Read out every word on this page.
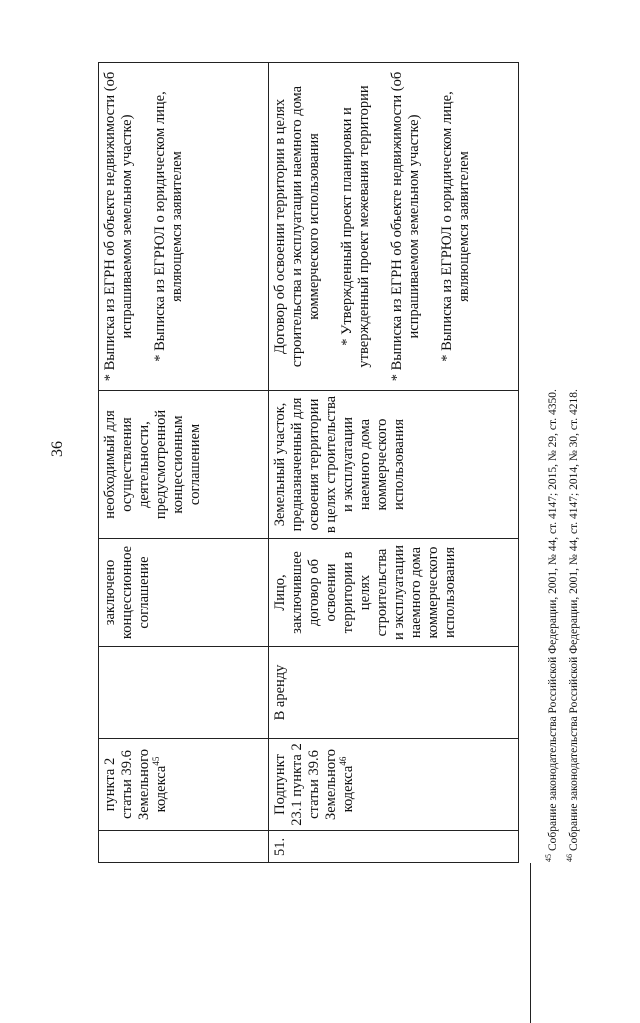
36
	пункта 2 статьи 39.6 Земельного кодекса$^{45}$		заключено концессионное соглашение	необходимый для осуществления деятельности, предусмотренной концессионным соглашением	* Выписка из ЕГРН об объекте недвижимости (об испрашиваемом земельном участке) * Выписка из ЕГРЮЛ о юридическом лице, являющемся заявителем

51.	Подпункт 23.1 пункта 2 статьи 39.6 Земельного кодекса$^{46}$	В аренду	Лицо, заключившее договор об освоении территории в целях строительства и эксплуатации наемного дома коммерческого использования	Земельный участок, предназначенный для освоения территории в целях строительства и эксплуатации наемного дома коммерческого использования	Договор об освоении территории в целях строительства и эксплуатации наемного дома коммерческого использования * Утвержденный проект планировки и утвержденный проект межевания территории * Выписка из ЕГРН об объекте недвижимости (об испрашиваемом земельном участке) * Выписка из ЕГРЮЛ о юридическом лице, являющемся заявителем

$^{45}$Собрание законодательства Российской Федерации, 2001, № 44, ст. 4147; 2015, № 29, ст. 4350.
$^{46}$Собрание законодательства Российской Федерации, 2001, № 44, ст. 4147; 2014, № 30, ст. 4218.
